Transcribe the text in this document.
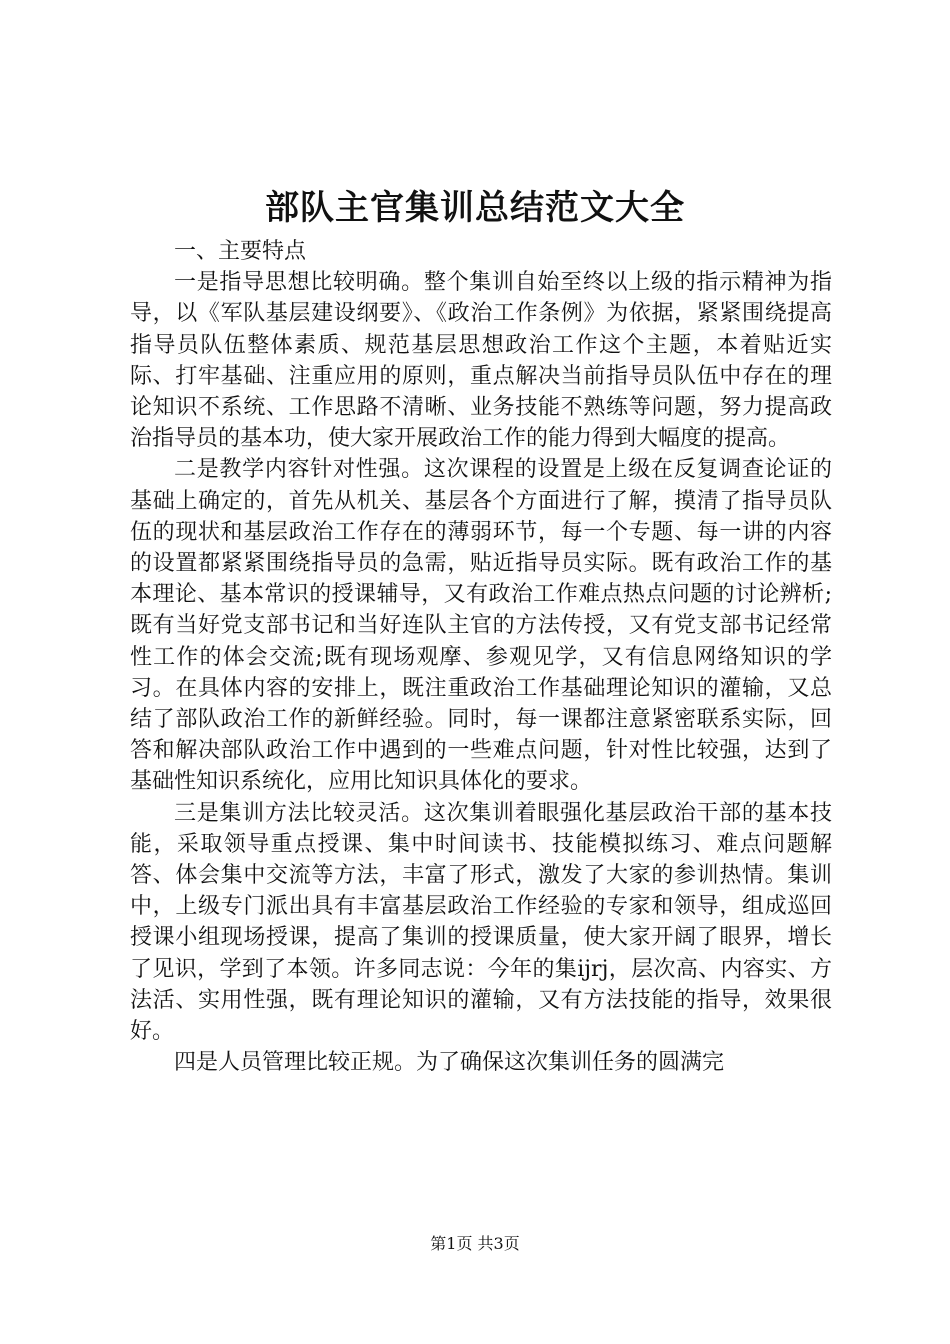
部队主官集训总结范文大全

一、主要特点

一是指导思想比较明确。整个集训自始至终以上级的指示精神为指导，以《军队基层建设纲要》、《政治工作条例》为依据，紧紧围绕提高指导员队伍整体素质、规范基层思想政治工作这个主题，本着贴近实际、打牢基础、注重应用的原则，重点解决当前指导员队伍中存在的理论知识不系统、工作思路不清晰、业务技能不熟练等问题，努力提高政治指导员的基本功，使大家开展政治工作的能力得到大幅度的提高。

二是教学内容针对性强。这次课程的设置是上级在反复调查论证的基础上确定的，首先从机关、基层各个方面进行了解，摸清了指导员队伍的现状和基层政治工作存在的薄弱环节，每一个专题、每一讲的内容的设置都紧紧围绕指导员的急需，贴近指导员实际。既有政治工作的基本理论、基本常识的授课辅导，又有政治工作难点热点问题的讨论辨析;既有当好党支部书记和当好连队主官的方法传授，又有党支部书记经常性工作的体会交流;既有现场观摩、参观见学，又有信息网络知识的学习。在具体内容的安排上，既注重政治工作基础理论知识的灌输，又总结了部队政治工作的新鲜经验。同时，每一课都注意紧密联系实际，回答和解决部队政治工作中遇到的一些难点问题，针对性比较强，达到了基础性知识系统化，应用比知识具体化的要求。

三是集训方法比较灵活。这次集训着眼强化基层政治干部的基本技能，采取领导重点授课、集中时间读书、技能模拟练习、难点问题解答、体会集中交流等方法，丰富了形式，激发了大家的参训热情。集训中，上级专门派出具有丰富基层政治工作经验的专家和领导，组成巡回授课小组现场授课，提高了集训的授课质量，使大家开阔了眼界，增长了见识，学到了本领。许多同志说：今年的集ijrj，层次高、内容实、方法活、实用性强，既有理论知识的灌输，又有方法技能的指导，效果很好。

四是人员管理比较正规。为了确保这次集训任务的圆满完

第1页 共3页
